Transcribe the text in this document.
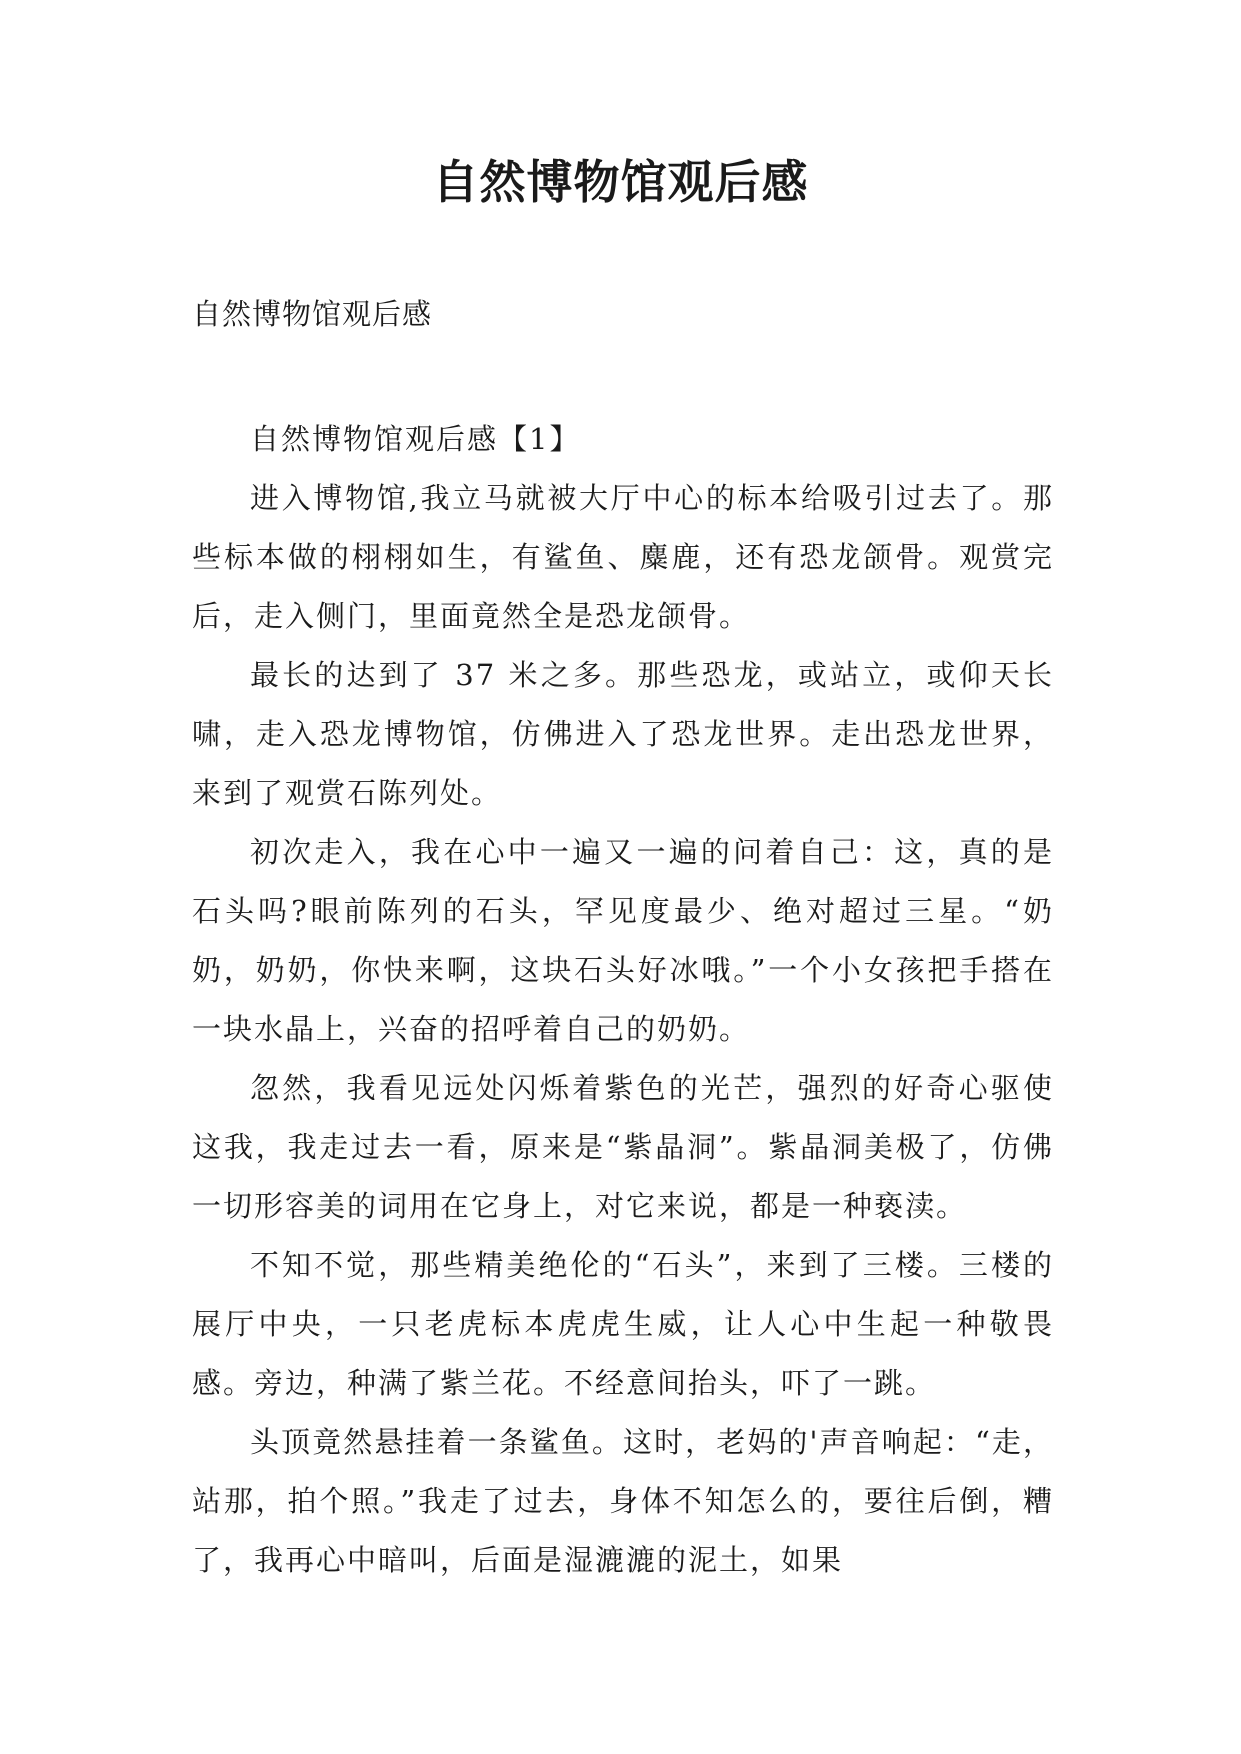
自然博物馆观后感

自然博物馆观后感

自然博物馆观后感【1】

进入博物馆,我立马就被大厅中心的标本给吸引过去了。那些标本做的栩栩如生，有鲨鱼、麋鹿，还有恐龙颌骨。观赏完后，走入侧门，里面竟然全是恐龙颌骨。

最长的达到了 37 米之多。那些恐龙，或站立，或仰天长啸，走入恐龙博物馆，仿佛进入了恐龙世界。走出恐龙世界，来到了观赏石陈列处。

初次走入，我在心中一遍又一遍的问着自己：这，真的是石头吗?眼前陈列的石头，罕见度最少、绝对超过三星。“奶奶，奶奶，你快来啊，这块石头好冰哦。”一个小女孩把手搭在一块水晶上，兴奋的招呼着自己的奶奶。

忽然，我看见远处闪烁着紫色的光芒，强烈的好奇心驱使这我，我走过去一看，原来是“紫晶洞”。紫晶洞美极了，仿佛一切形容美的词用在它身上，对它来说，都是一种亵渎。

不知不觉，那些精美绝伦的“石头”，来到了三楼。三楼的展厅中央，一只老虎标本虎虎生威，让人心中生起一种敬畏感。旁边，种满了紫兰花。不经意间抬头，吓了一跳。

头顶竟然悬挂着一条鲨鱼。这时，老妈的'声音响起：“走，站那，拍个照。”我走了过去，身体不知怎么的，要往后倒，糟了，我再心中暗叫，后面是湿漉漉的泥土，如果
